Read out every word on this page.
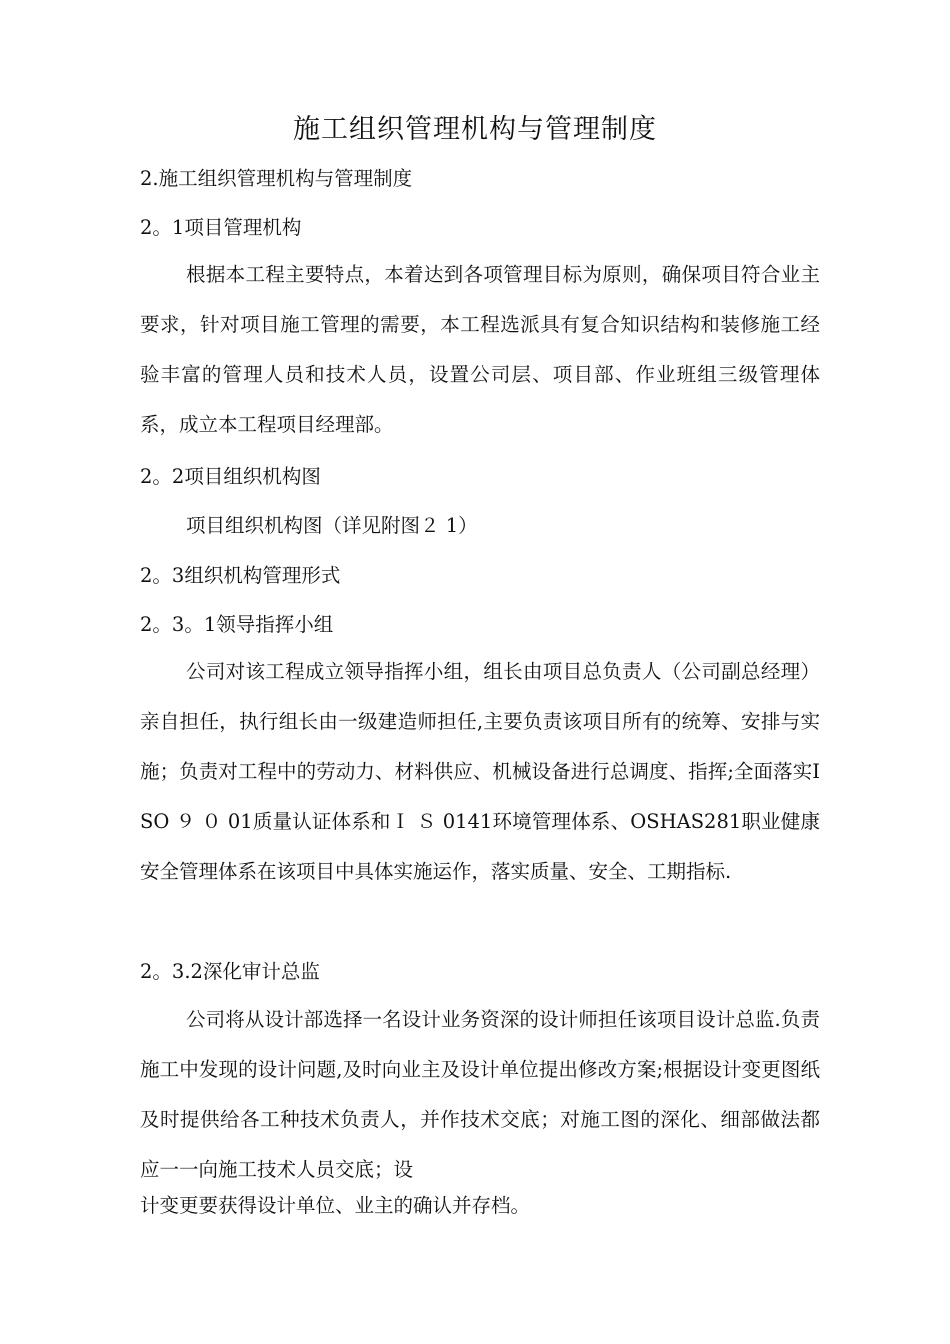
施工组织管理机构与管理制度
2.施工组织管理机构与管理制度
2。1项目管理机构
根据本工程主要特点，本着达到各项管理目标为原则，确保项目符合业主要求，针对项目施工管理的需要，本工程选派具有复合知识结构和装修施工经验丰富的管理人员和技术人员，设置公司层、项目部、作业班组三级管理体系，成立本工程项目经理部。
2。2项目组织机构图
项目组织机构图（详见附图２ 1）
2。3组织机构管理形式
2。3。1领导指挥小组
公司对该工程成立领导指挥小组，组长由项目总负责人（公司副总经理）亲自担任，执行组长由一级建造师担任,主要负责该项目所有的统筹、安排与实施；负责对工程中的劳动力、材料供应、机械设备进行总调度、指挥;全面落实ISO ９ ０ 01质量认证体系和Ｉ Ｓ 0141环境管理体系、OSHAS281职业健康安全管理体系在该项目中具体实施运作，落实质量、安全、工期指标.
2。3.2深化审计总监
公司将从设计部选择一名设计业务资深的设计师担任该项目设计总监.负责施工中发现的设计问题,及时向业主及设计单位提出修改方案;根据设计变更图纸及时提供给各工种技术负责人，并作技术交底；对施工图的深化、细部做法都应一一向施工技术人员交底；设
计变更要获得设计单位、业主的确认并存档。
